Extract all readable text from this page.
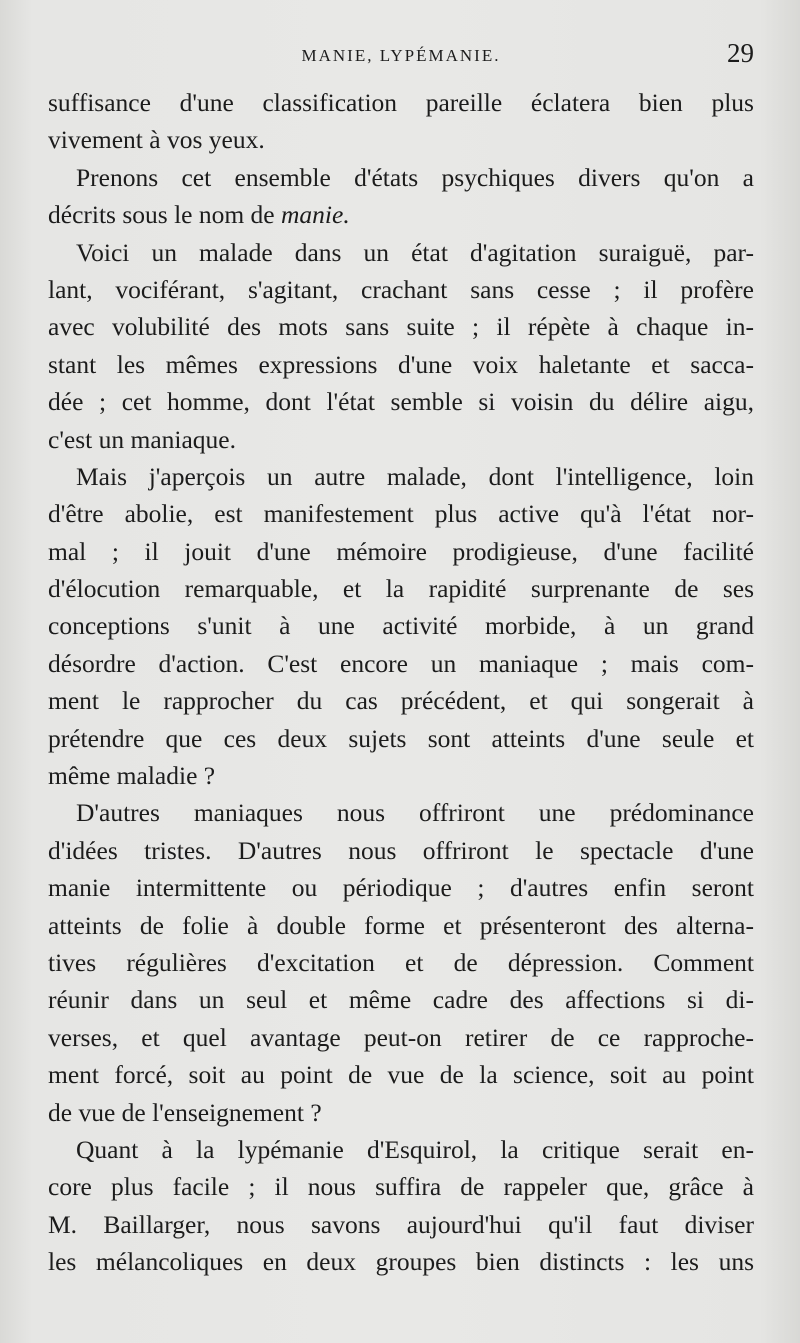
MANIE, LYPÉMANIE.	29
suffisance d'une classification pareille éclatera bien plus
vivement à vos yeux.
Prenons cet ensemble d'états psychiques divers qu'on a
décrits sous le nom de manie.
Voici un malade dans un état d'agitation suraiguë, par-
lant, vociférant, s'agitant, crachant sans cesse ; il profère
avec volubilité des mots sans suite ; il répète à chaque in-
stant les mêmes expressions d'une voix haletante et sacca-
dée ; cet homme, dont l'état semble si voisin du délire aigu,
c'est un maniaque.
Mais j'aperçois un autre malade, dont l'intelligence, loin
d'être abolie, est manifestement plus active qu'à l'état nor-
mal ; il jouit d'une mémoire prodigieuse, d'une facilité
d'élocution remarquable, et la rapidité surprenante de ses
conceptions s'unit à une activité morbide, à un grand
désordre d'action. C'est encore un maniaque ; mais com-
ment le rapprocher du cas précédent, et qui songerait à
prétendre que ces deux sujets sont atteints d'une seule et
même maladie ?
D'autres maniaques nous offriront une prédominance
d'idées tristes. D'autres nous offriront le spectacle d'une
manie intermittente ou périodique ; d'autres enfin seront
atteints de folie à double forme et présenteront des alterna-
tives régulières d'excitation et de dépression. Comment
réunir dans un seul et même cadre des affections si di-
verses, et quel avantage peut-on retirer de ce rapproche-
ment forcé, soit au point de vue de la science, soit au point
de vue de l'enseignement ?
Quant à la lypémanie d'Esquirol, la critique serait en-
core plus facile ; il nous suffira de rappeler que, grâce à
M. Baillarger, nous savons aujourd'hui qu'il faut diviser
les mélancoliques en deux groupes bien distincts : les uns
